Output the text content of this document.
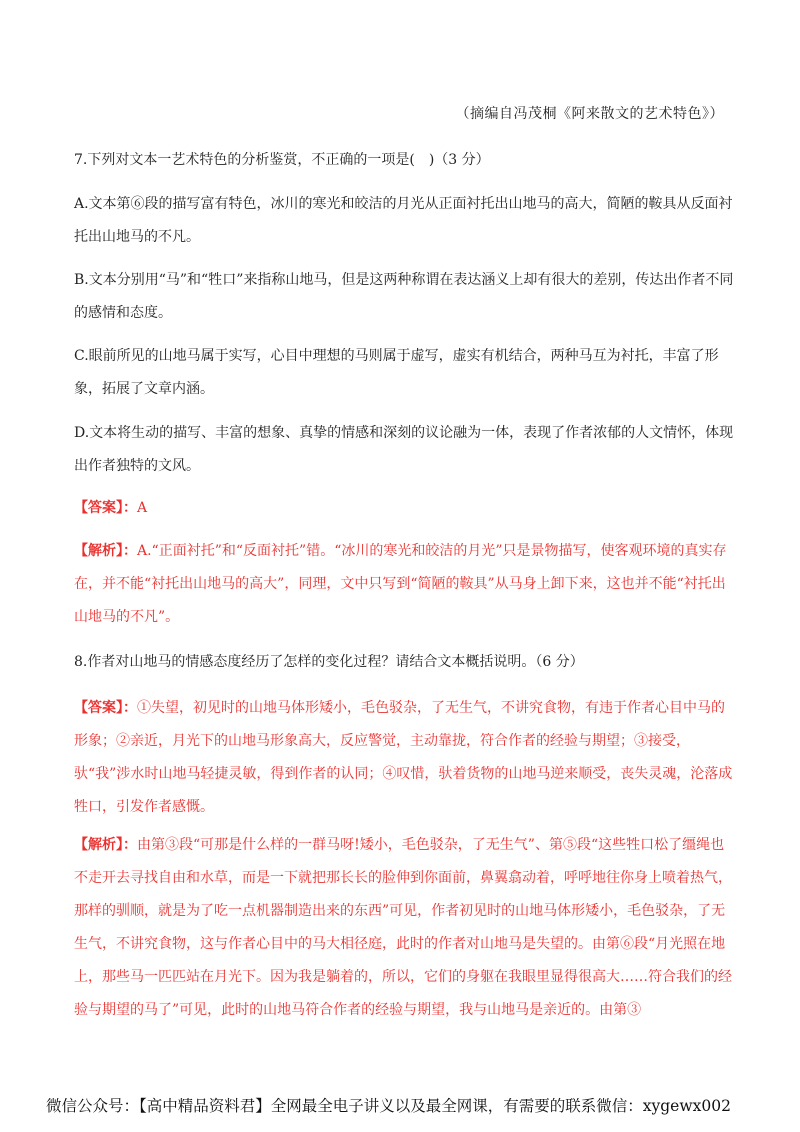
（摘编自冯茂桐《阿来散文的艺术特色》）
7.下列对文本一艺术特色的分析鉴赏，不正确的一项是(　)（3 分）
A.文本第⑥段的描写富有特色，冰川的寒光和皎洁的月光从正面衬托出山地马的高大，简陋的鞍具从反面衬托出山地马的不凡。
B.文本分别用“马”和“牲口”来指称山地马，但是这两种称谓在表达涵义上却有很大的差别，传达出作者不同的感情和态度。
C.眼前所见的山地马属于实写，心目中理想的马则属于虚写，虚实有机结合，两种马互为衬托，丰富了形象，拓展了文章内涵。
D.文本将生动的描写、丰富的想象、真挚的情感和深刻的议论融为一体，表现了作者浓郁的人文情怀，体现出作者独特的文风。
【答案】：A
【解析】：A.“正面衬托”和“反面衬托”错。“冰川的寒光和皎洁的月光”只是景物描写，使客观环境的真实存在，并不能“衬托出山地马的高大”，同理，文中只写到“简陋的鞍具”从马身上卸下来，这也并不能“衬托出山地马的不凡”。
8.作者对山地马的情感态度经历了怎样的变化过程？请结合文本概括说明。（6 分）
【答案】：①失望，初见时的山地马体形矮小，毛色驳杂，了无生气，不讲究食物，有违于作者心目中马的形象；②亲近，月光下的山地马形象高大，反应警觉，主动靠拢，符合作者的经验与期望；③接受，驮“我”涉水时山地马轻捷灵敏，得到作者的认同；④叹惜，驮着货物的山地马逆来顺受，丧失灵魂，沦落成牲口，引发作者感慨。
【解析】：由第③段“可那是什么样的一群马呀!矮小，毛色驳杂，了无生气”、第⑤段“这些牲口松了缰绳也不走开去寻找自由和水草，而是一下就把那长长的脸伸到你面前，鼻翼翕动着，呼呼地往你身上喷着热气，那样的驯顺，就是为了吃一点机器制造出来的东西”可见，作者初见时的山地马体形矮小，毛色驳杂，了无生气，不讲究食物，这与作者心目中的马大相径庭，此时的作者对山地马是失望的。由第⑥段“月光照在地上，那些马一匹匹站在月光下。因为我是躺着的，所以，它们的身躯在我眼里显得很高大……符合我们的经验与期望的马了”可见，此时的山地马符合作者的经验与期望，我与山地马是亲近的。由第③
微信公众号：【高中精品资料君】全网最全电子讲义以及最全网课，有需要的联系微信：xygewx002
